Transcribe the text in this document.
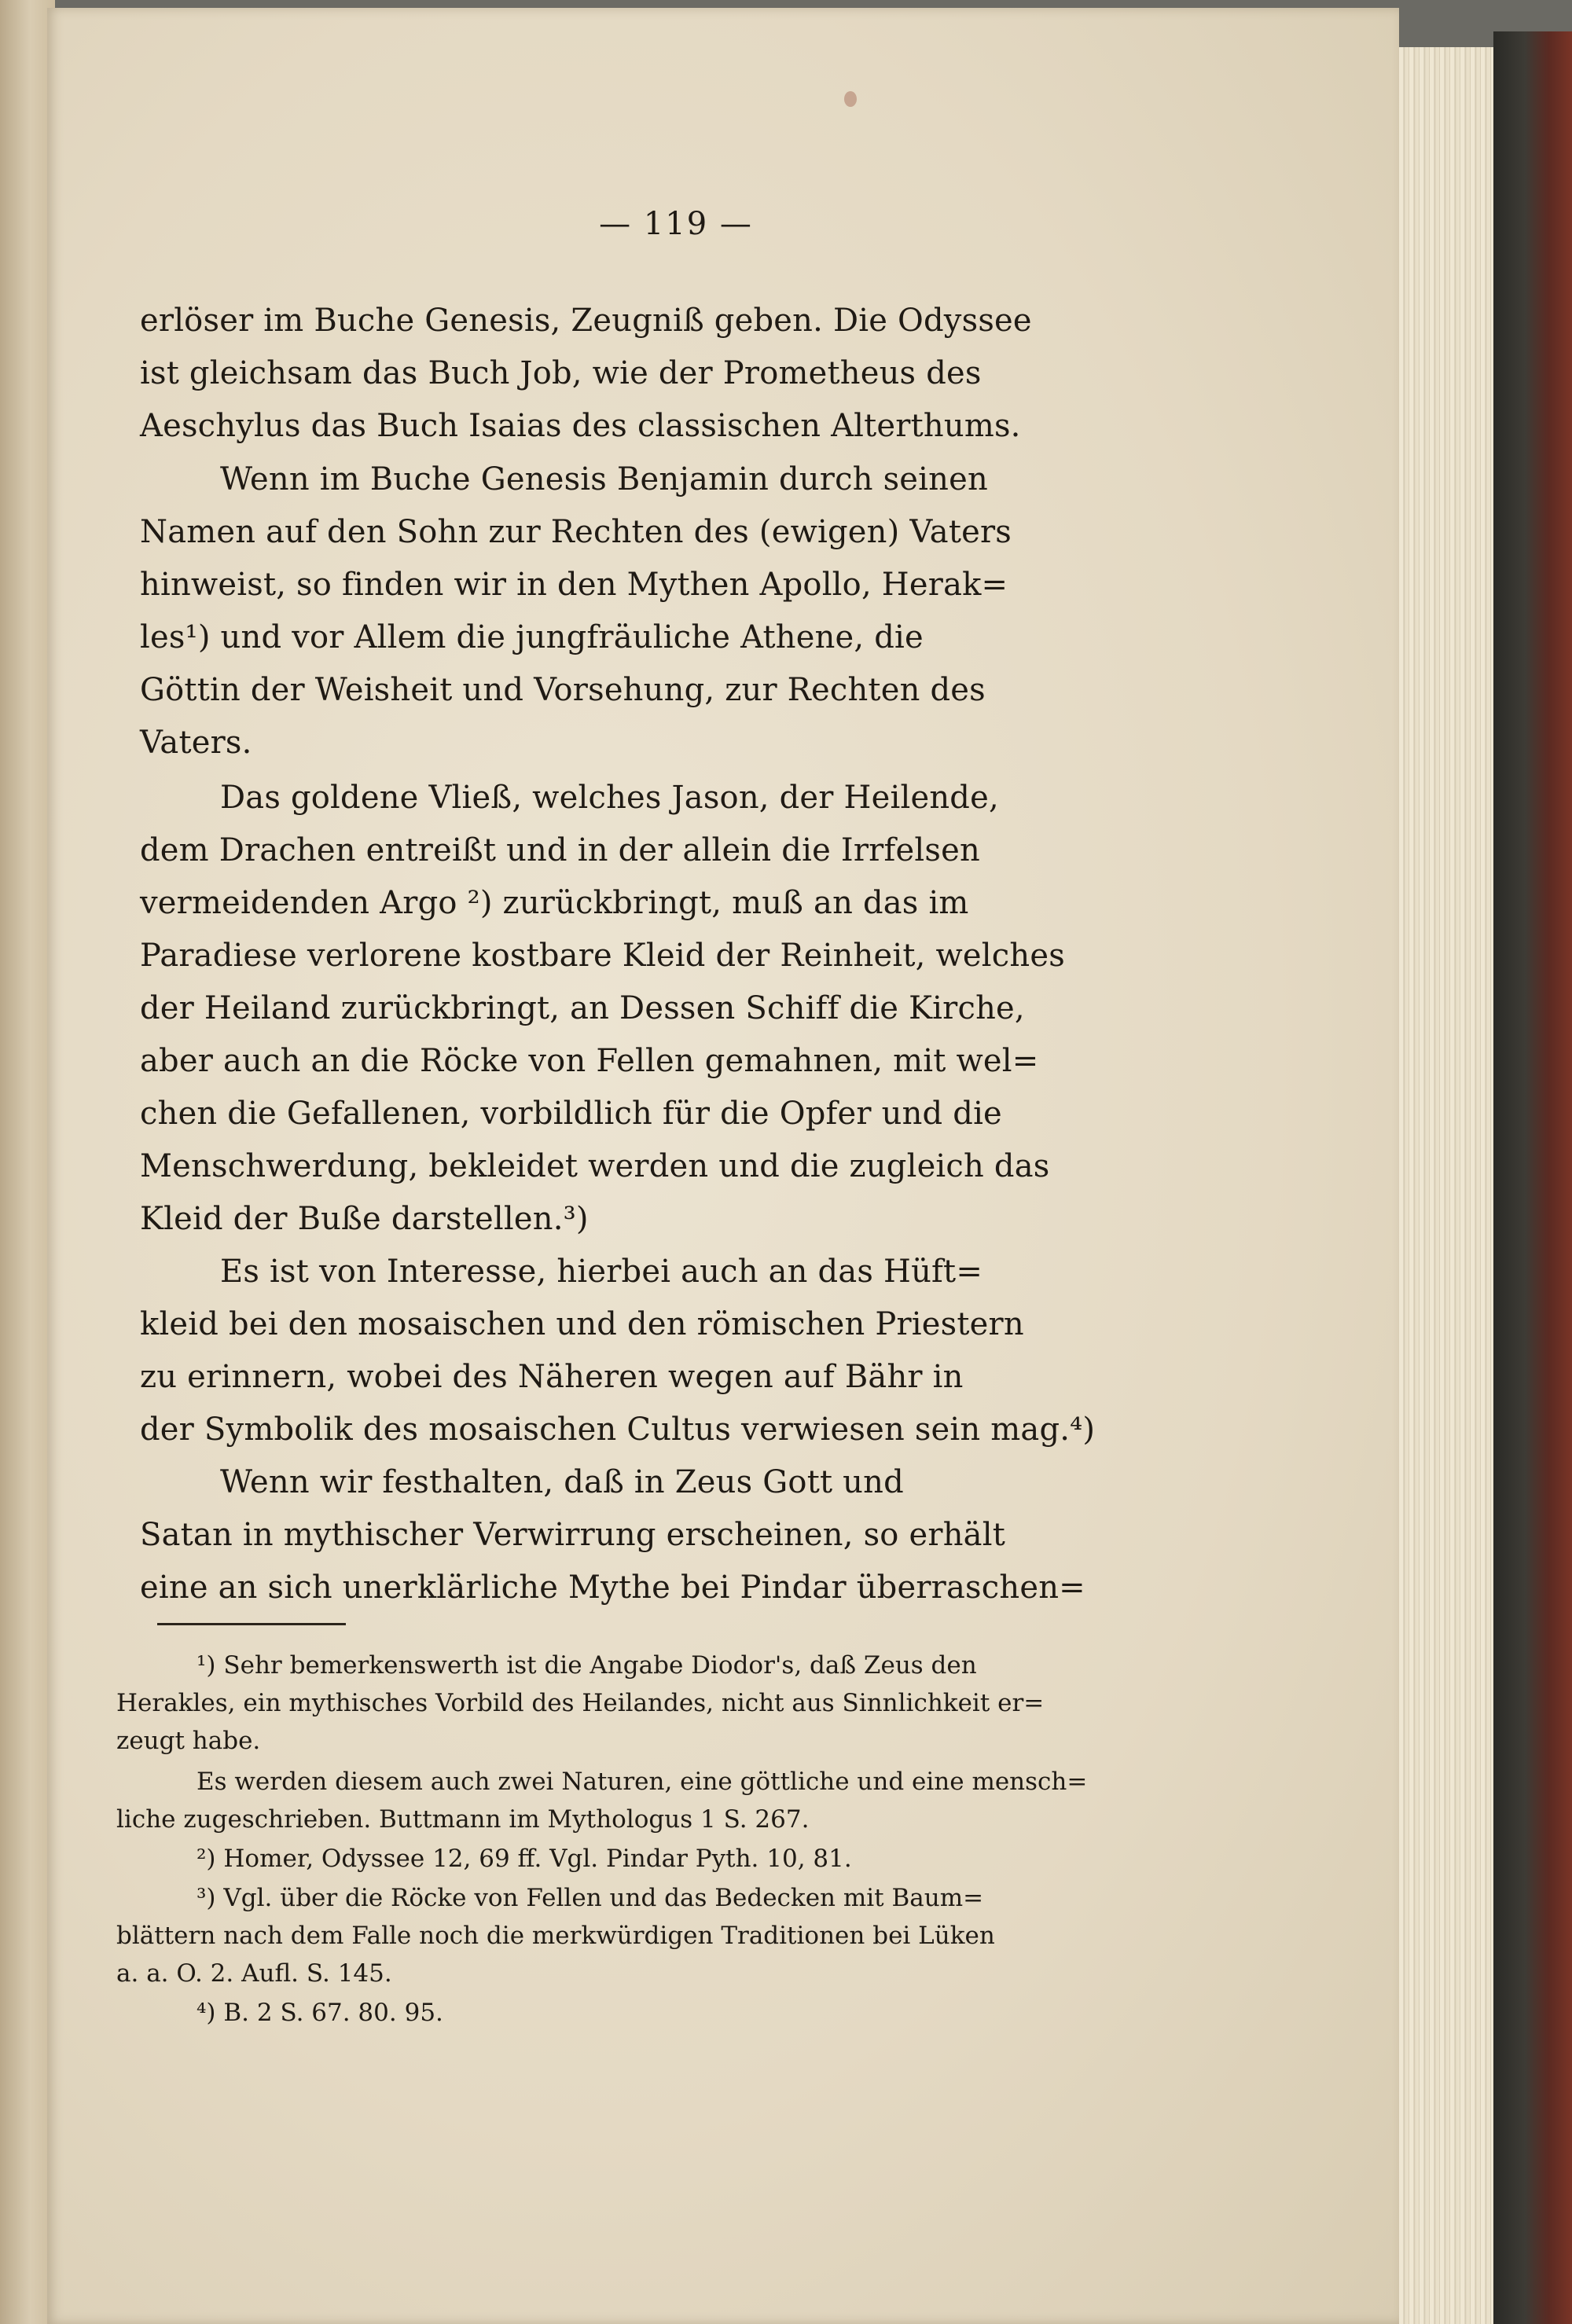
— 119 —
erlöser im Buche Genesis, Zeugniß geben. Die Odyssee
ist gleichsam das Buch Job, wie der Prometheus des
Aeschylus das Buch Isaias des classischen Alterthums.
Wenn im Buche Genesis Benjamin durch seinen
Namen auf den Sohn zur Rechten des (ewigen) Vaters
hinweist, so finden wir in den Mythen Apollo, Herak=
les¹) und vor Allem die jungfräuliche Athene, die
Göttin der Weisheit und Vorsehung, zur Rechten des
Vaters.
Das goldene Vließ, welches Jason, der Heilende,
dem Drachen entreißt und in der allein die Irrfelsen
vermeidenden Argo ²) zurückbringt, muß an das im
Paradiese verlorene kostbare Kleid der Reinheit, welches
der Heiland zurückbringt, an Dessen Schiff die Kirche,
aber auch an die Röcke von Fellen gemahnen, mit wel=
chen die Gefallenen, vorbildlich für die Opfer und die
Menschwerdung, bekleidet werden und die zugleich das
Kleid der Buße darstellen.³)
Es ist von Interesse, hierbei auch an das Hüft=
kleid bei den mosaischen und den römischen Priestern
zu erinnern, wobei des Näheren wegen auf Bähr in
der Symbolik des mosaischen Cultus verwiesen sein mag.⁴)
Wenn wir festhalten, daß in Zeus Gott und
Satan in mythischer Verwirrung erscheinen, so erhält
eine an sich unerklärliche Mythe bei Pindar überraschen=
¹) Sehr bemerkenswerth ist die Angabe Diodor's, daß Zeus den
Herakles, ein mythisches Vorbild des Heilandes, nicht aus Sinnlichkeit er=
zeugt habe.
Es werden diesem auch zwei Naturen, eine göttliche und eine mensch=
liche zugeschrieben. Buttmann im Mythologus 1 S. 267.
²) Homer, Odyssee 12, 69 ff. Vgl. Pindar Pyth. 10, 81.
³) Vgl. über die Röcke von Fellen und das Bedecken mit Baum=
blättern nach dem Falle noch die merkwürdigen Traditionen bei Lüken
a. a. O. 2. Aufl. S. 145.
⁴) B. 2 S. 67. 80. 95.
